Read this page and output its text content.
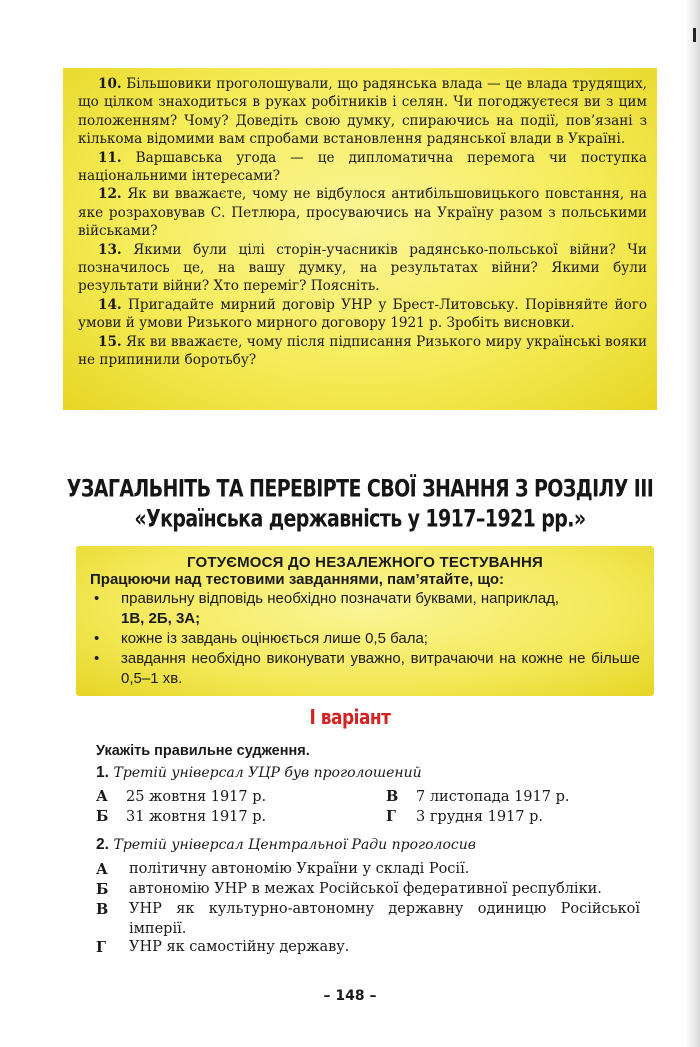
10. Більшовики проголошували, що радянська влада — це влада трудящих, що цілком знаходиться в руках робітників і селян. Чи погоджуєтеся ви з цим положенням? Чому? Доведіть свою думку, спираючись на події, пов’язані з кількома відомими вам спробами встановлення радянської влади в Україні.

11. Варшавська угода — це дипломатична перемога чи поступка національними інтересами?

12. Як ви вважаєте, чому не відбулося антибільшовицького повстання, на яке розраховував С. Петлюра, просуваючись на Україну разом з польськими військами?

13. Якими були цілі сторін-учасників радянсько-польської війни? Чи позначилось це, на вашу думку, на результатах війни? Якими були результати війни? Хто переміг? Поясніть.

14. Пригадайте мирний договір УНР у Брест-Литовську. Порівняйте його умови й умови Ризького мирного договору 1921 р. Зробіть висновки.

15. Як ви вважаєте, чому після підписання Ризького миру українські вояки не припинили боротьбу?

УЗАГАЛЬНІТЬ ТА ПЕРЕВІРТЕ СВОЇ ЗНАННЯ З РОЗДІЛУ ІІІ
«Українська державність у 1917–1921 рр.»
ГОТУЄМОСЯ ДО НЕЗАЛЕЖНОГО ТЕСТУВАННЯ
Працюючи над тестовими завданнями, пам’ятайте, що:
• правильну відповідь необхідно позначати буквами, наприклад,
1В, 2Б, 3А;
• кожне із завдань оцінюється лише 0,5 бала;
• завдання необхідно виконувати уважно, витрачаючи на кожне не більше 0,5–1 хв.
І варіант
Укажіть правильне судження.
1. Третій універсал УЦР був проголошений
А 25 жовтня 1917 р.	В 7 листопада 1917 р.
Б 31 жовтня 1917 р.	Г 3 грудня 1917 р.
2. Третій універсал Центральної Ради проголосив
А політичну автономію України у складі Росії.
Б автономію УНР в межах Російської федеративної республіки.
В УНР як культурно-автономну державну одиницю Російської імперії.
Г УНР як самостійну державу.
– 148 –
